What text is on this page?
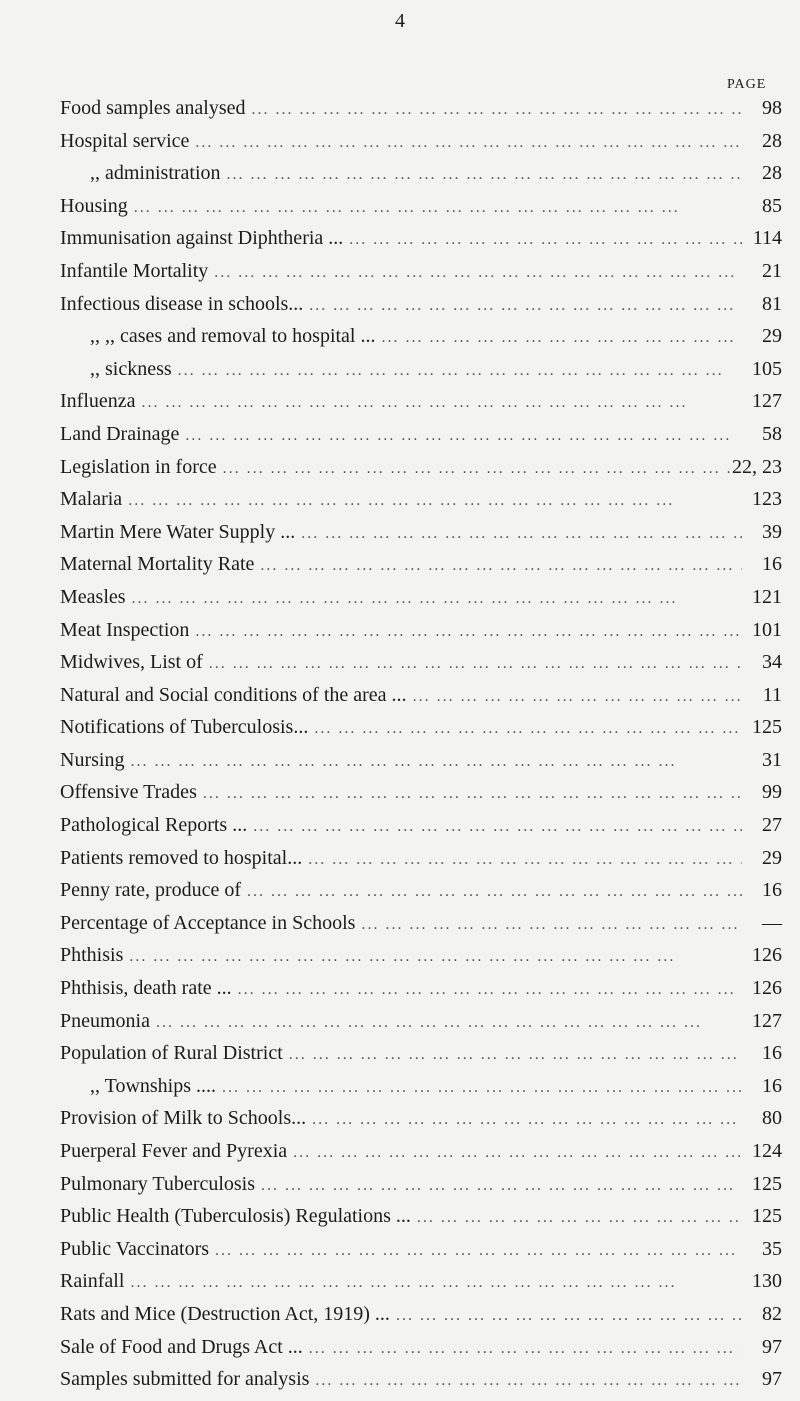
4
PAGE
Food samples analysed ... .	98
Hospital service ... .	28
,, administration ... .	28
Housing ... .	85
Immunisation against Diphtheria ... ... .	114
Infantile Mortality ... .	21
Infectious disease in schools... ... .	81
,, ,, cases and removal to hospital ... ... .	29
,, sickness ... .	105
Influenza ... .	127
Land Drainage ... .	58
Legislation in force ... .	22, 23
Malaria ... .	123
Martin Mere Water Supply ... ... .	39
Maternal Mortality Rate ... .	16
Measles ... .	121
Meat Inspection ... .	101
Midwives, List of ... .	34
Natural and Social conditions of the area ... ... .	11
Notifications of Tuberculosis... ... .	125
Nursing ... .	31
Offensive Trades ... .	99
Pathological Reports ... ... .	27
Patients removed to hospital... ... .	29
Penny rate, produce of ... .	16
Percentage of Acceptance in Schools ... .	—
Phthisis ... .	126
Phthisis, death rate ... ... .	126
Pneumonia ... .	127
Population of Rural District ... .	16
,, Townships .... ... .	16
Provision of Milk to Schools... ... .	80
Puerperal Fever and Pyrexia ... .	124
Pulmonary Tuberculosis ... .	125
Public Health (Tuberculosis) Regulations ... ... .	125
Public Vaccinators ... .	35
Rainfall ... .	130
Rats and Mice (Destruction Act, 1919) ... ... .	82
Sale of Food and Drugs Act ... ... .	97
Samples submitted for analysis ... .	97
